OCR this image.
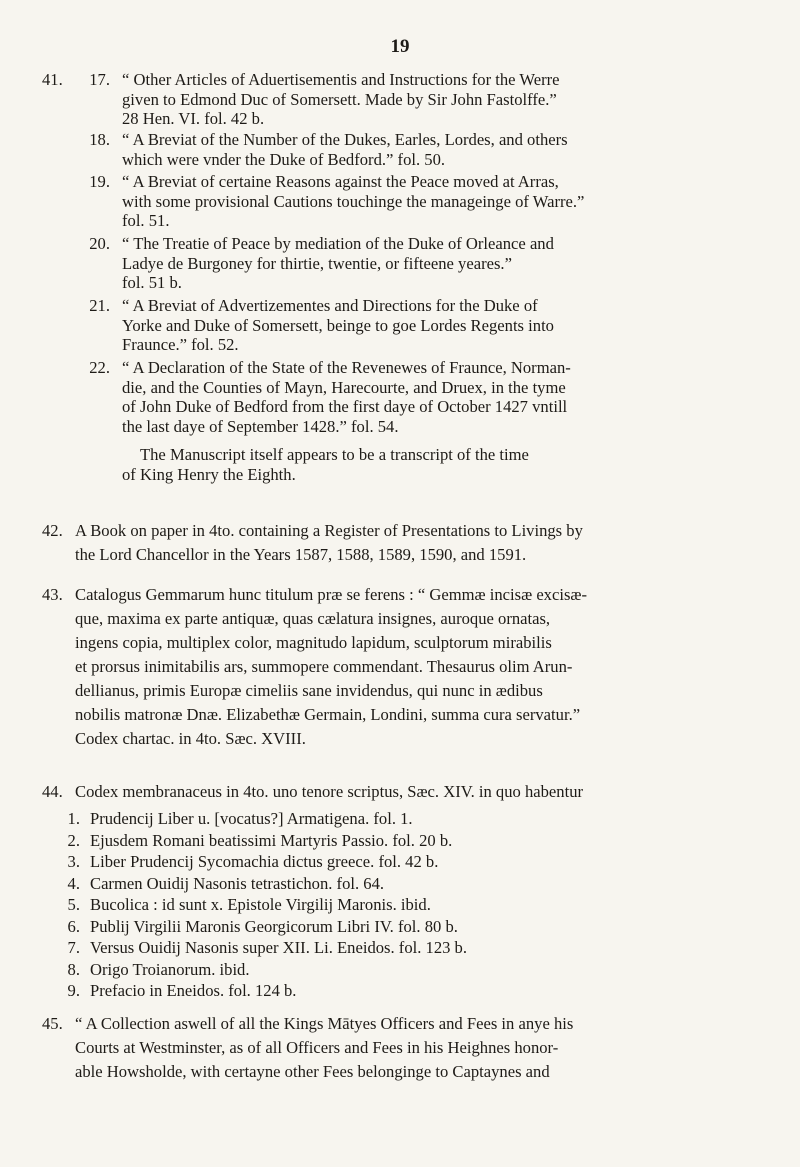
19
41.	17. “ Other Articles of Aduertisementis and Instructions for the Werre
given to Edmond Duc of Somersett. Made by Sir John Fastolffe.”
28 Hen. VI. fol. 42 b.
18. “ A Breviat of the Number of the Dukes, Earles, Lordes, and others
which were vnder the Duke of Bedford.” fol. 50.
19. “ A Breviat of certaine Reasons against the Peace moved at Arras,
with some provisional Cautions touchinge the manageinge of Warre.”
fol. 51.
20. “ The Treatie of Peace by mediation of the Duke of Orleance and
Ladye de Burgoney for thirtie, twentie, or fifteene yeares.”
fol. 51 b.
21. “ A Breviat of Advertizementes and Directions for the Duke of
Yorke and Duke of Somersett, beinge to goe Lordes Regents into
Fraunce.” fol. 52.
22. “ A Declaration of the State of the Revenewes of Fraunce, Norman-
die, and the Counties of Mayn, Harecourte, and Druex, in the tyme
of John Duke of Bedford from the first daye of October 1427 vntill
the last daye of September 1428.” fol. 54.
The Manuscript itself appears to be a transcript of the time
of King Henry the Eighth.
42. A Book on paper in 4to. containing a Register of Presentations to Livings by
the Lord Chancellor in the Years 1587, 1588, 1589, 1590, and 1591.
43. Catalogus Gemmarum hunc titulum præ se ferens : “ Gemmæ incisæ excisæ-
que, maxima ex parte antiquæ, quas cælatura insignes, auroque ornatas,
ingens copia, multiplex color, magnitudo lapidum, sculptorum mirabilis
et prorsus inimitabilis ars, summopere commendant. Thesaurus olim Arun-
dellianus, primis Europæ cimeliis sane invidendus, qui nunc in ædibus
nobilis matronæ Dnæ. Elizabethæ Germain, Londini, summa cura servatur.”
Codex chartac. in 4to. Sæc. XVIII.
44. Codex membranaceus in 4to. uno tenore scriptus, Sæc. XIV. in quo habentur
1. Prudencij Liber u. [vocatus?] Armatigena. fol. 1.
2. Ejusdem Romani beatissimi Martyris Passio. fol. 20 b.
3. Liber Prudencij Sycomachia dictus greece. fol. 42 b.
4. Carmen Ouidij Nasonis tetrastichon. fol. 64.
5. Bucolica : id sunt x. Epistole Virgilij Maronis. ibid.
6. Publij Virgilii Maronis Georgicorum Libri IV. fol. 80 b.
7. Versus Ouidij Nasonis super XII. Li. Eneidos. fol. 123 b.
8. Origo Troianorum. ibid.
9. Prefacio in Eneidos. fol. 124 b.
45. “ A Collection aswell of all the Kings Mātyes Officers and Fees in anye his
Courts at Westminster, as of all Officers and Fees in his Heighnes honor-
able Howsholde, with certayne other Fees belonginge to Captaynes and
